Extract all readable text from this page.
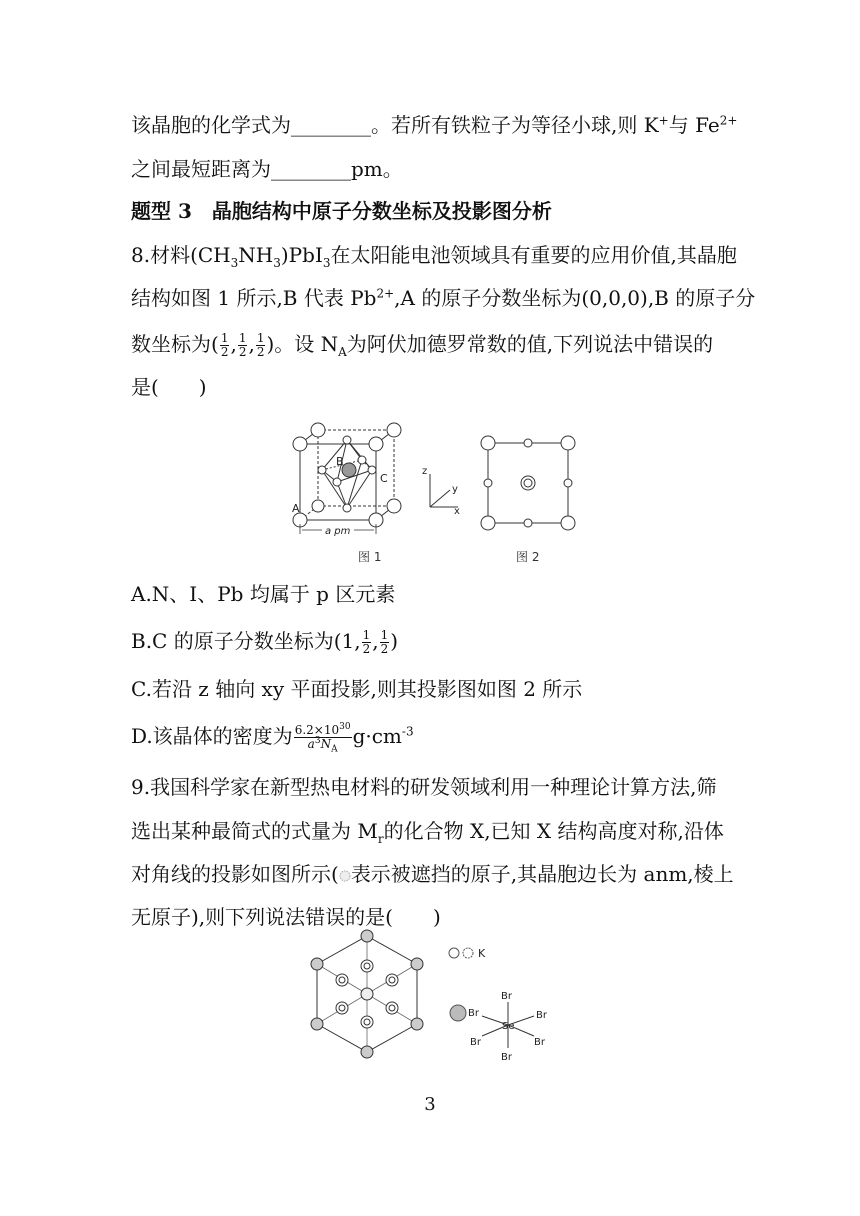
该晶胞的化学式为________。若所有铁粒子为等径小球,则 K+与 $Fe^{2+}$
之间最短距离为________pm。
题型 3　晶胞结构中原子分数坐标及投影图分析
8.材料$(CH_3NH_3)PbI_3$在太阳能电池领域具有重要的应用价值,其晶胞
结构如图 1 所示,B 代表 $Pb^{2+},A$ 的原子分数坐标为(0,0,0),B 的原子分
数坐标为( $\frac{1}{2}$ , $\frac{1}{2}$ , $\frac{1}{2}$ )。设 $N_A$为阿伏加德罗常数的值,下列说法中错误的
是(　　)
B
A
C
a pm
z
y
x
图 1	图 2
A.N、I、Pb 均属于 p 区元素
B.C 的原子分数坐标为(1, $\frac{1}{2}$ , $\frac{1}{2}$ )
C.若沿 z 轴向 xy 平面投影,则其投影图如图 2 所示
D.该晶体的密度为 $\frac{6.2\times 10^{30}}{a^3N_A} g\cdot cm^{-3}$
9.我国科学家在新型热电材料的研发领域利用一种理论计算方法,筛
选出某种最简式的式量为 $M_r$的化合物 X,已知 X 结构高度对称,沿体
对角线的投影如图所示( 表示被遮挡的原子,其晶胞边长为 anm,棱上
无原子),则下列说法错误的是(　　)
K
Br
Br
Br	Br
Br	Br
Se
3
